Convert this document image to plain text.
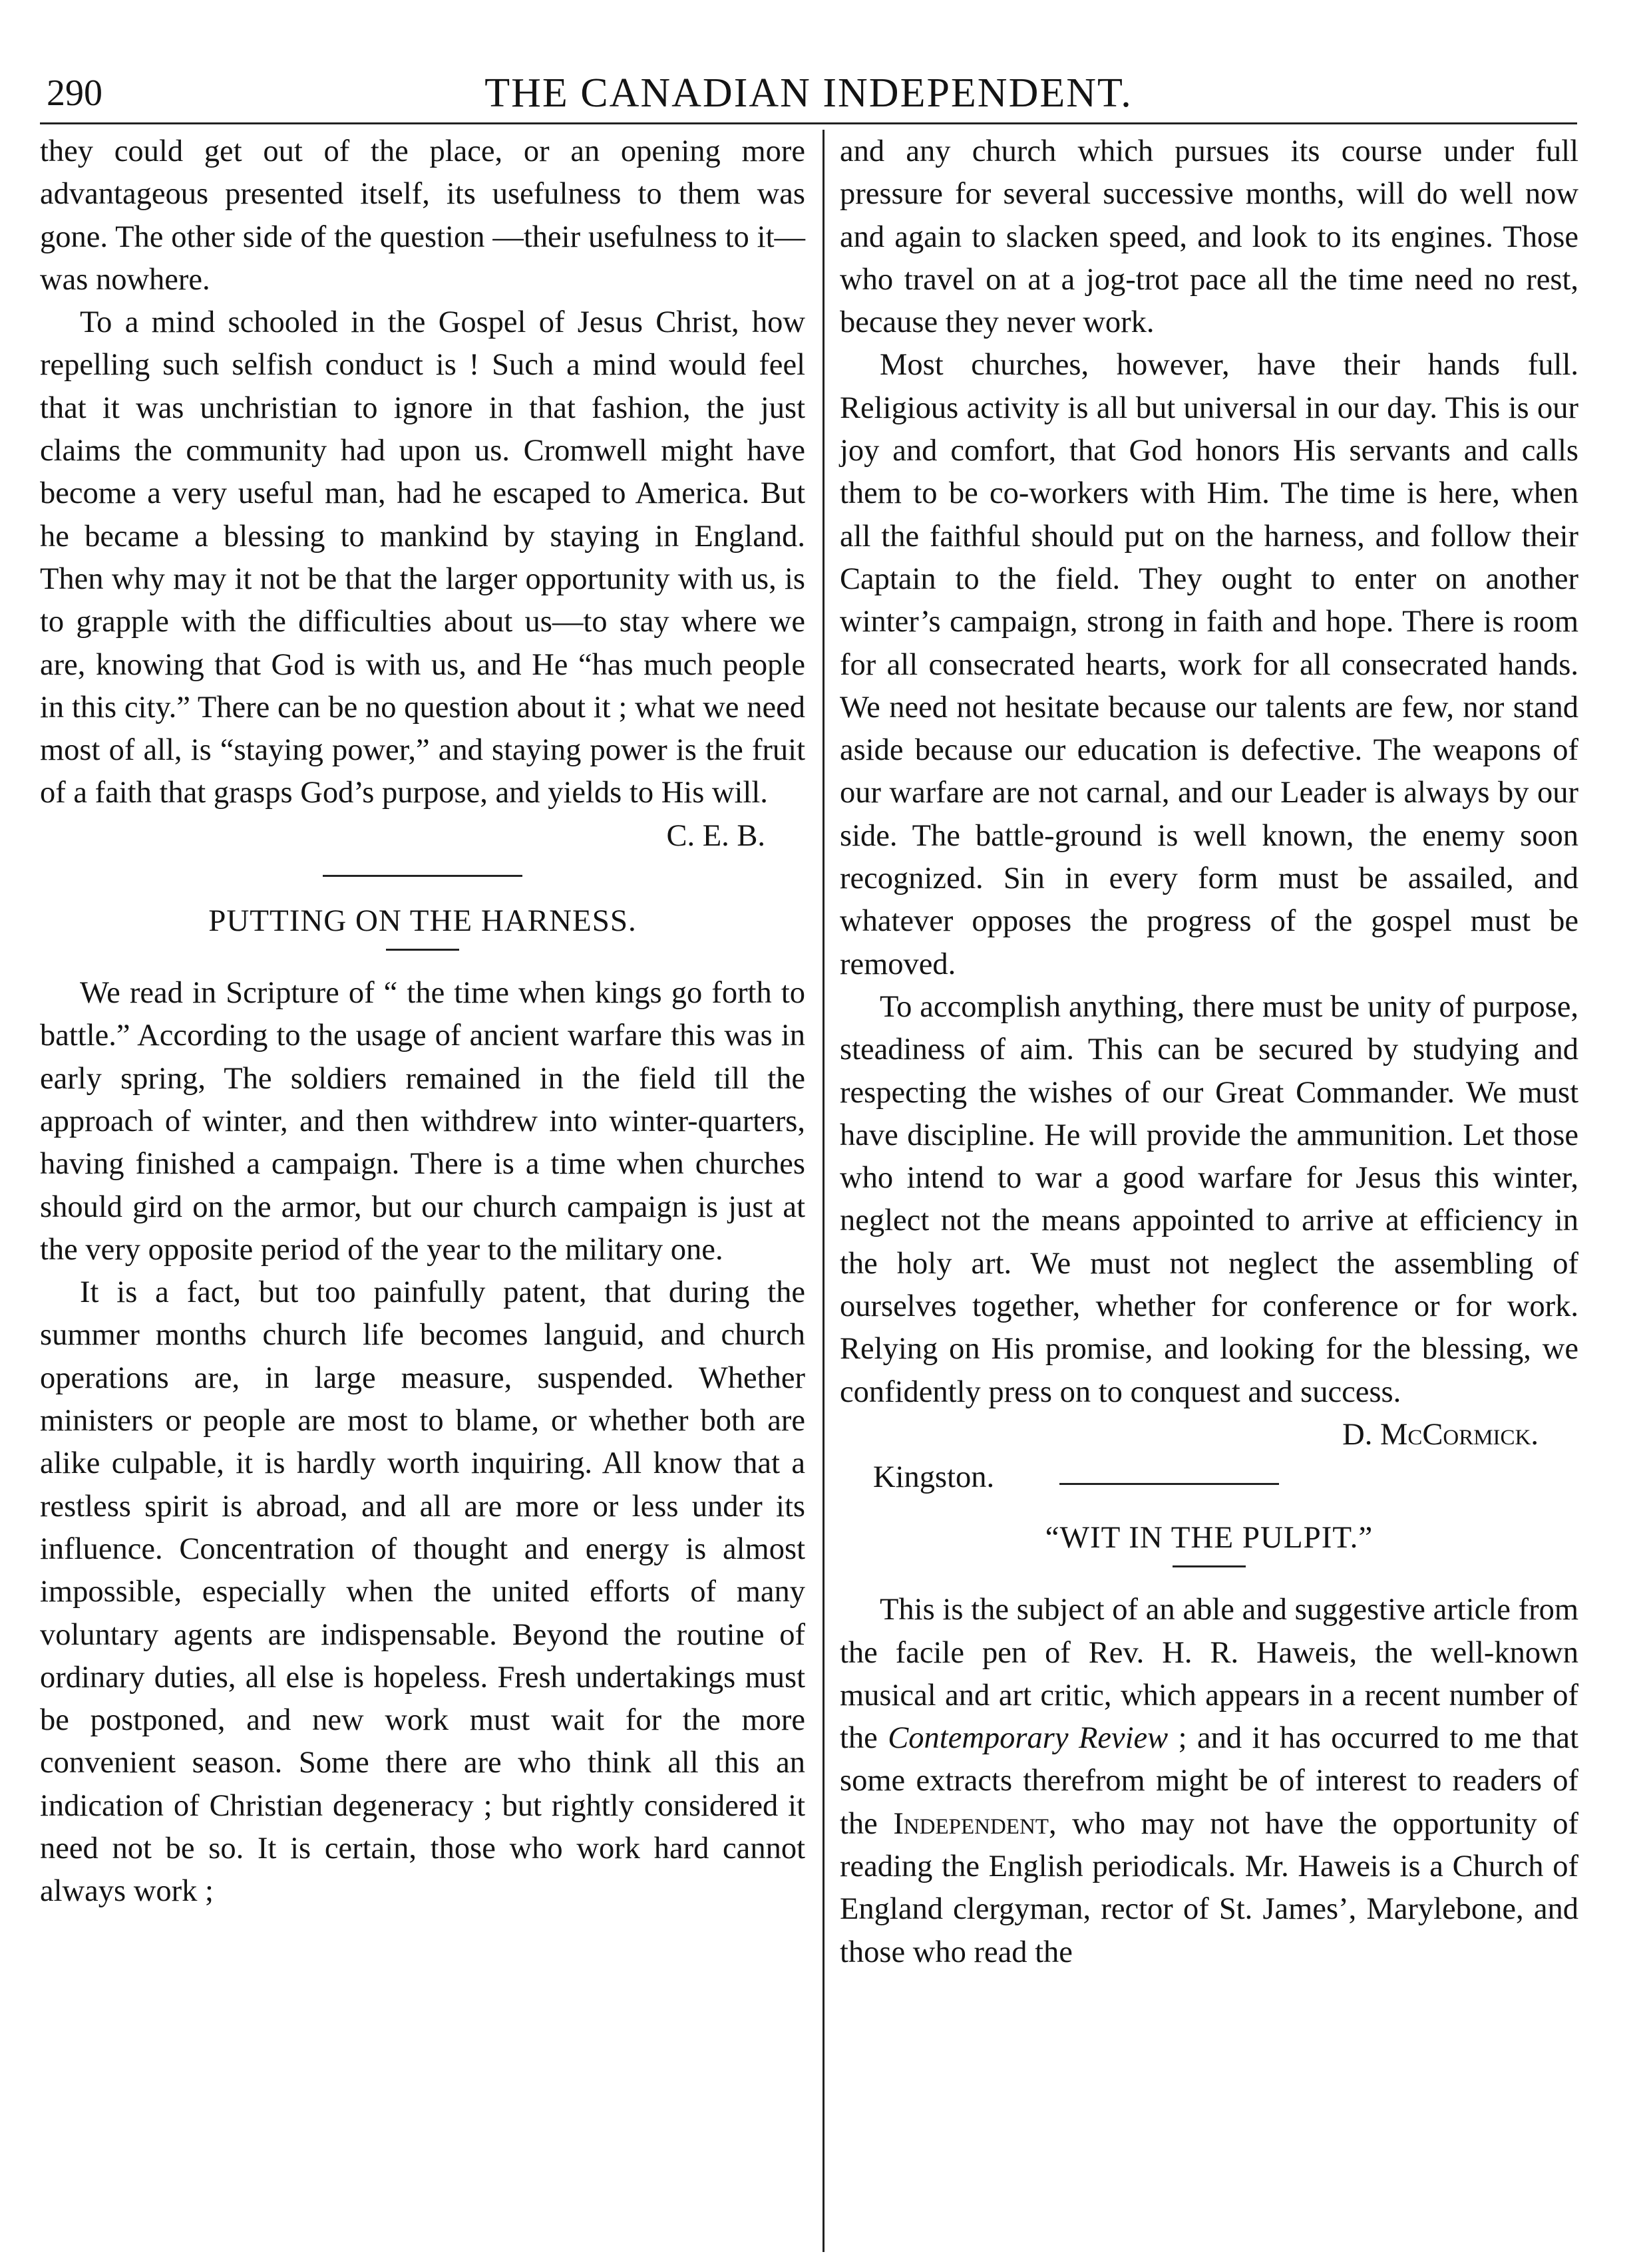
290	THE CANADIAN INDEPENDENT.

they could get out of the place, or an opening more advantageous presented itself, its usefulness to them was gone. The other side of the question —their usefulness to it—was nowhere.

To a mind schooled in the Gospel of Jesus Christ, how repelling such selfish conduct is ! Such a mind would feel that it was unchristian to ignore in that fashion, the just claims the community had upon us. Cromwell might have become a very useful man, had he escaped to America. But he became a blessing to mankind by staying in England. Then why may it not be that the larger opportunity with us, is to grapple with the difficulties about us—to stay where we are, knowing that God is with us, and He “has much people in this city.” There can be no question about it ; what we need most of all, is “staying power,” and staying power is the fruit of a faith that grasps God’s purpose, and yields to His will.

C. E. B.

PUTTING ON THE HARNESS.

We read in Scripture of “ the time when kings go forth to battle.” According to the usage of ancient warfare this was in early spring, The soldiers remained in the field till the approach of winter, and then withdrew into winter-quarters, having finished a campaign. There is a time when churches should gird on the armor, but our church campaign is just at the very opposite period of the year to the military one.

It is a fact, but too painfully patent, that during the summer months church life becomes languid, and church operations are, in large measure, suspended. Whether ministers or people are most to blame, or whether both are alike culpable, it is hardly worth inquiring. All know that a restless spirit is abroad, and all are more or less under its influence. Concentration of thought and energy is almost impossible, especially when the united efforts of many voluntary agents are indispensable. Beyond the routine of ordinary duties, all else is hopeless. Fresh undertakings must be postponed, and new work must wait for the more convenient season. Some there are who think all this an indication of Christian degeneracy ; but rightly considered it need not be so. It is certain, those who work hard cannot always work ;

and any church which pursues its course under full pressure for several successive months, will do well now and again to slacken speed, and look to its engines. Those who travel on at a jog-trot pace all the time need no rest, because they never work.

Most churches, however, have their hands full. Religious activity is all but universal in our day. This is our joy and comfort, that God honors His servants and calls them to be co-workers with Him. The time is here, when all the faithful should put on the harness, and follow their Captain to the field. They ought to enter on another winter’s campaign, strong in faith and hope. There is room for all consecrated hearts, work for all consecrated hands. We need not hesitate because our talents are few, nor stand aside because our education is defective. The weapons of our warfare are not carnal, and our Leader is always by our side. The battle-ground is well known, the enemy soon recognized. Sin in every form must be assailed, and whatever opposes the progress of the gospel must be removed.

To accomplish anything, there must be unity of purpose, steadiness of aim. This can be secured by studying and respecting the wishes of our Great Commander. We must have discipline. He will provide the ammunition. Let those who intend to war a good warfare for Jesus this winter, neglect not the means appointed to arrive at efficiency in the holy art. We must not neglect the assembling of ourselves together, whether for conference or for work. Relying on His promise, and looking for the blessing, we confidently press on to conquest and success.

D. McCormick.

Kingston.

“WIT IN THE PULPIT.”

This is the subject of an able and suggestive article from the facile pen of Rev. H. R. Haweis, the well-known musical and art critic, which appears in a recent number of the Contemporary Review ; and it has occurred to me that some extracts therefrom might be of interest to readers of the Independent, who may not have the opportunity of reading the English periodicals. Mr. Haweis is a Church of England clergyman, rector of St. James’, Marylebone, and those who read the
